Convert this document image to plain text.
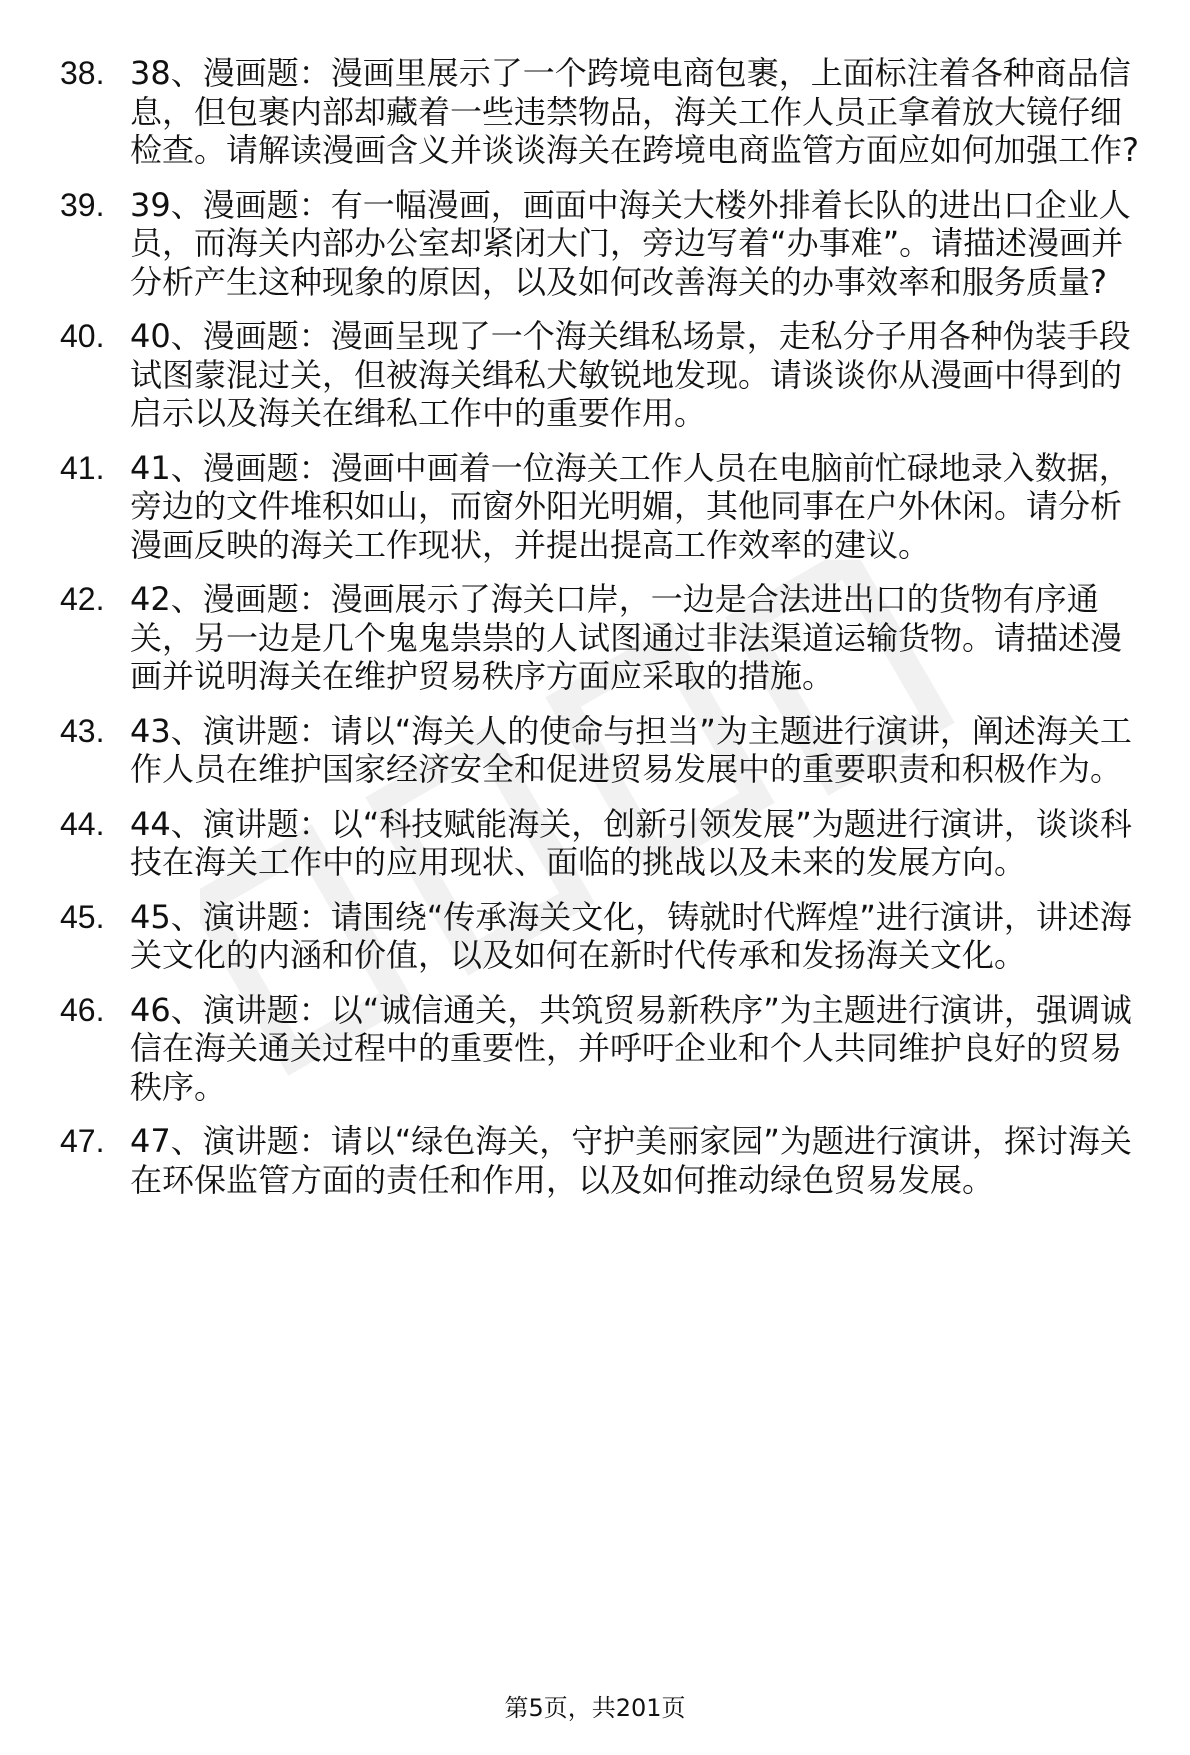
38. 38、漫画题：漫画里展示了一个跨境电商包裹，上面标注着各种商品信息，但包裹内部却藏着一些违禁物品，海关工作人员正拿着放大镜仔细检查。请解读漫画含义并谈谈海关在跨境电商监管方面应如何加强工作?
39. 39、漫画题：有一幅漫画，画面中海关大楼外排着长队的进出口企业人员，而海关内部办公室却紧闭大门，旁边写着“办事难”。请描述漫画并分析产生这种现象的原因，以及如何改善海关的办事效率和服务质量?
40. 40、漫画题：漫画呈现了一个海关缉私场景，走私分子用各种伪装手段试图蒙混过关，但被海关缉私犬敏锐地发现。请谈谈你从漫画中得到的启示以及海关在缉私工作中的重要作用。
41. 41、漫画题：漫画中画着一位海关工作人员在电脑前忙碌地录入数据，旁边的文件堆积如山，而窗外阳光明媚，其他同事在户外休闲。请分析漫画反映的海关工作现状，并提出提高工作效率的建议。
42. 42、漫画题：漫画展示了海关口岸，一边是合法进出口的货物有序通关，另一边是几个鬼鬼祟祟的人试图通过非法渠道运输货物。请描述漫画并说明海关在维护贸易秩序方面应采取的措施。
43. 43、演讲题：请以“海关人的使命与担当”为主题进行演讲，阐述海关工作人员在维护国家经济安全和促进贸易发展中的重要职责和积极作为。
44. 44、演讲题：以“科技赋能海关，创新引领发展”为题进行演讲，谈谈科技在海关工作中的应用现状、面临的挑战以及未来的发展方向。
45. 45、演讲题：请围绕“传承海关文化，铸就时代辉煌”进行演讲，讲述海关文化的内涵和价值，以及如何在新时代传承和发扬海关文化。
46. 46、演讲题：以“诚信通关，共筑贸易新秩序”为主题进行演讲，强调诚信在海关通关过程中的重要性，并呼吁企业和个人共同维护良好的贸易秩序。
47. 47、演讲题：请以“绿色海关，守护美丽家园”为题进行演讲，探讨海关在环保监管方面的责任和作用，以及如何推动绿色贸易发展。
第5页，共201页
